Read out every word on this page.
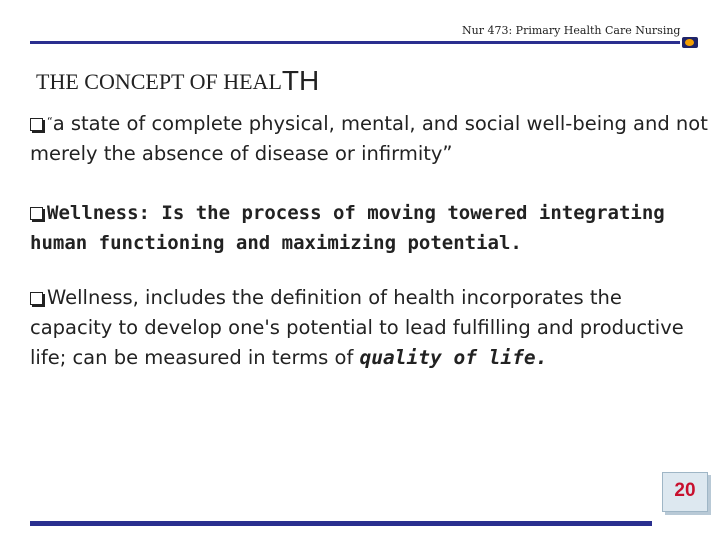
Nur 473: Primary Health Care Nursing
THE CONCEPT OF HEALTH
“a state of complete physical, mental, and social well-being and not merely the absence of disease or infirmity”
Wellness: Is the process of moving towered integrating human functioning and maximizing potential.
Wellness, includes the definition of health incorporates the capacity to develop one's potential to lead fulfilling and productive life; can be measured in terms of quality of life.
20
